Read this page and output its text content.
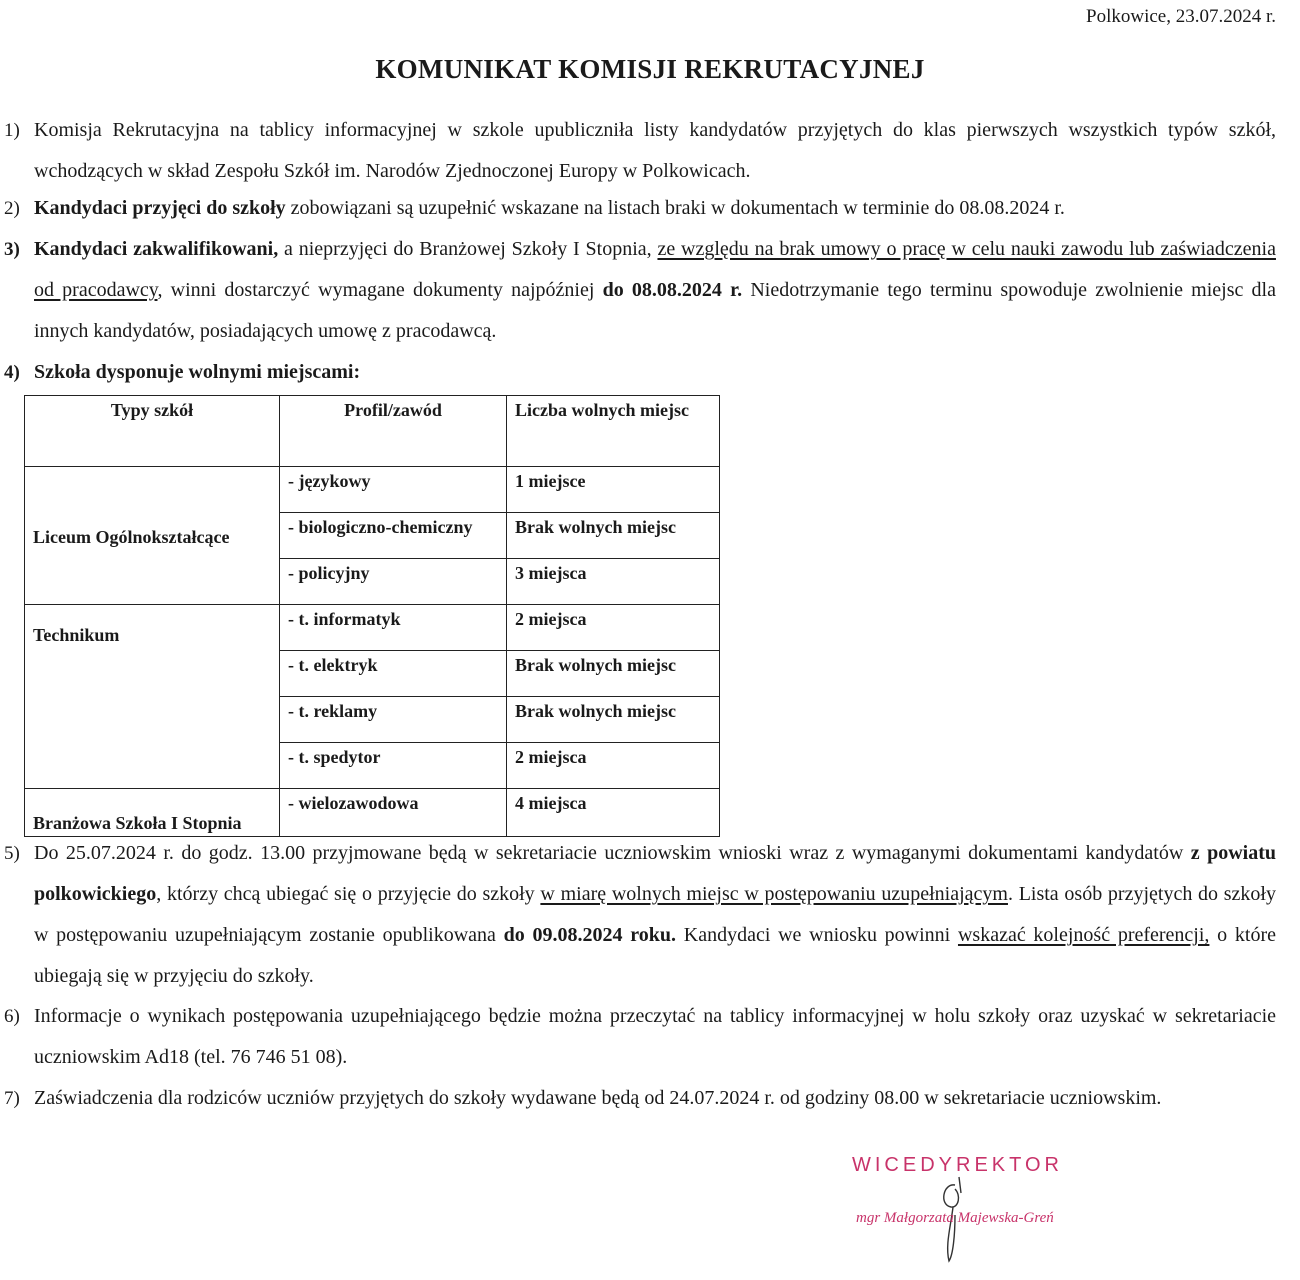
Polkowice, 23.07.2024 r.
KOMUNIKAT KOMISJI REKRUTACYJNEJ
1) Komisja Rekrutacyjna na tablicy informacyjnej w szkole upubliczniła listy kandydatów przyjętych do klas pierwszych wszystkich typów szkół, wchodzących w skład Zespołu Szkół im. Narodów Zjednoczonej Europy w Polkowicach.
2) Kandydaci przyjęci do szkoły zobowiązani są uzupełnić wskazane na listach braki w dokumentach w terminie do 08.08.2024 r.
3) Kandydaci zakwalifikowani, a nieprzyjęci do Branżowej Szkoły I Stopnia, ze względu na brak umowy o pracę w celu nauki zawodu lub zaświadczenia od pracodawcy, winni dostarczyć wymagane dokumenty najpóźniej do 08.08.2024 r. Niedotrzymanie tego terminu spowoduje zwolnienie miejsc dla innych kandydatów, posiadających umowę z pracodawcą.
4) Szkoła dysponuje wolnymi miejscami:
Typy szkół	Profil/zawód	Liczba wolnych miejsc
Liceum Ogólnokształcące	- językowy	1 miejsce
	- biologiczno-chemiczny	Brak wolnych miejsc
	- policyjny	3 miejsca
Technikum	- t. informatyk	2 miejsca
	- t. elektryk	Brak wolnych miejsc
	- t. reklamy	Brak wolnych miejsc
	- t. spedytor	2 miejsca
Branżowa Szkoła I Stopnia	- wielozawodowa	4 miejsca
5) Do 25.07.2024 r. do godz. 13.00 przyjmowane będą w sekretariacie uczniowskim wnioski wraz z wymaganymi dokumentami kandydatów z powiatu polkowickiego, którzy chcą ubiegać się o przyjęcie do szkoły w miarę wolnych miejsc w postępowaniu uzupełniającym. Lista osób przyjętych do szkoły w postępowaniu uzupełniającym zostanie opublikowana do 09.08.2024 roku. Kandydaci we wniosku powinni wskazać kolejność preferencji, o które ubiegają się w przyjęciu do szkoły.
6) Informacje o wynikach postępowania uzupełniającego będzie można przeczytać na tablicy informacyjnej w holu szkoły oraz uzyskać w sekretariacie uczniowskim Ad18 (tel. 76 746 51 08).
7) Zaświadczenia dla rodziców uczniów przyjętych do szkoły wydawane będą od 24.07.2024 r. od godziny 08.00 w sekretariacie uczniowskim.
WICEDYREKTOR
mgr Małgorzata Majewska-Greń
